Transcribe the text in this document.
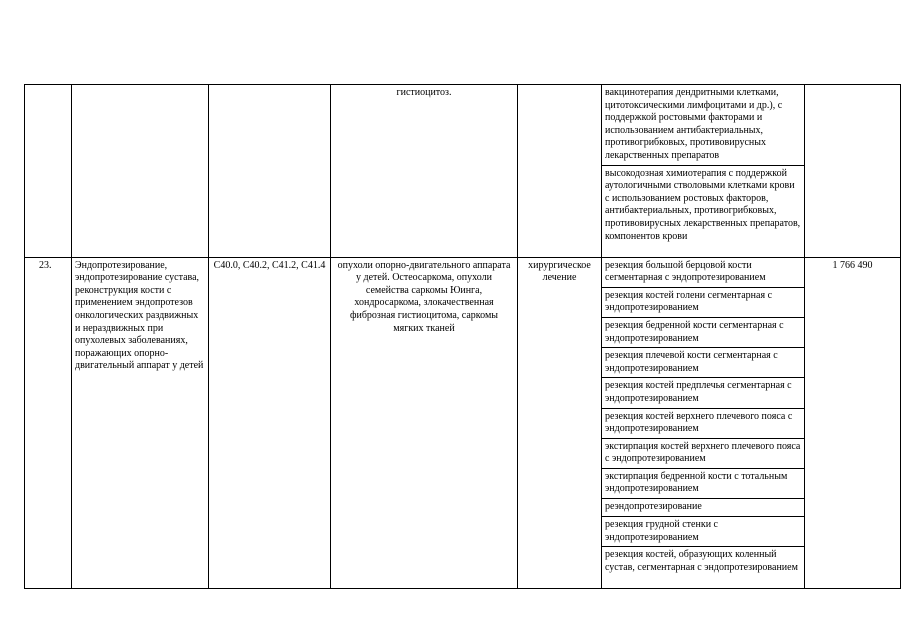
			гистиоцитоз.		вакцинотерапия дендритными клетками, цитотоксическими лимфоцитами и др.), с поддержкой ростовыми факторами и использованием антибактериальных, противогрибковых, противовирусных лекарственных препаратов	
					высокодозная химиотерапия с поддержкой аутологичными стволовыми клетками крови с использованием ростовых факторов, антибактериальных, противогрибковых, противовирусных лекарственных препаратов, компонентов крови	
23.	Эндопротезирование, эндопротезирование сустава, реконструкция кости с применением эндопротезов онкологических раздвижных и нераздвижных при опухолевых заболеваниях, поражающих опорно-двигательный аппарат у детей	C40.0, C40.2, C41.2, C41.4	опухоли опорно-двигательного аппарата у детей. Остеосаркома, опухоли семейства саркомы Юинга, хондросаркома, злокачественная фиброзная гистиоцитома, саркомы мягких тканей	хирургическое лечение	резекция большой берцовой кости сегментарная с эндопротезированием	1 766 490
					резекция костей голени сегментарная с эндопротезированием	
					резекция бедренной кости сегментарная с эндопротезированием	
					резекция плечевой кости сегментарная с эндопротезированием	
					резекция костей предплечья сегментарная с эндопротезированием	
					резекция костей верхнего плечевого пояса с эндопротезированием	
					экстирпация костей верхнего плечевого пояса с эндопротезированием	
					экстирпация бедренной кости с тотальным эндопротезированием	
					реэндопротезирование	
					резекция грудной стенки с эндопротезированием	
					резекция костей, образующих коленный сустав, сегментарная с эндопротезированием	
